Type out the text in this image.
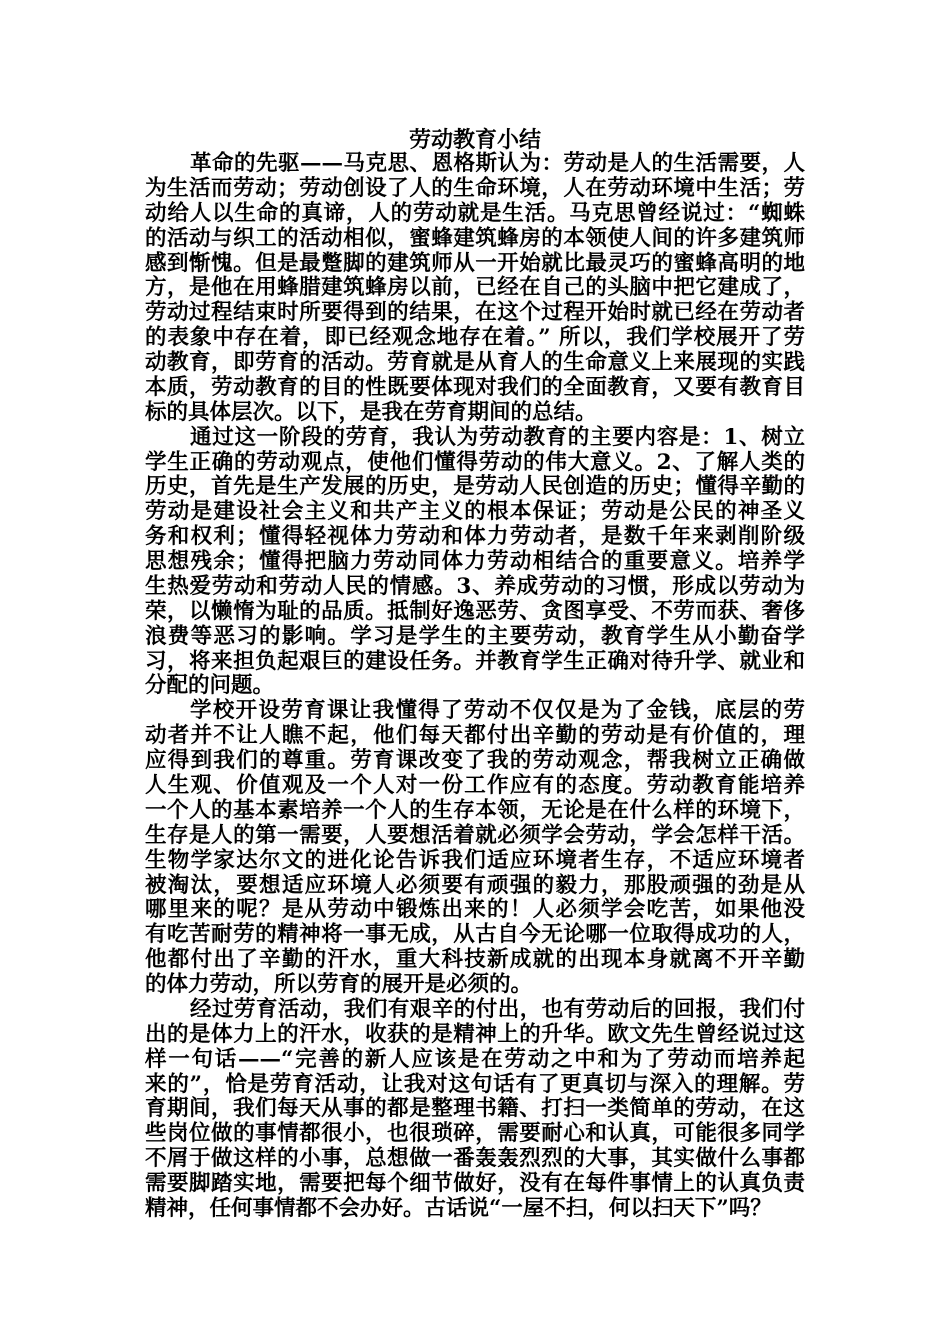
劳动教育小结
革命的先驱——马克思、恩格斯认为：劳动是人的生活需要，人
为生活而劳动；劳动创设了人的生命环境，人在劳动环境中生活；劳
动给人以生命的真谛，人的劳动就是生活。马克思曾经说过：“蜘蛛
的活动与织工的活动相似，蜜蜂建筑蜂房的本领使人间的许多建筑师
感到惭愧。但是最蹩脚的建筑师从一开始就比最灵巧的蜜蜂高明的地
方，是他在用蜂腊建筑蜂房以前，已经在自己的头脑中把它建成了，
劳动过程结束时所要得到的结果，在这个过程开始时就已经在劳动者
的表象中存在着，即已经观念地存在着。” 所以，我们学校展开了劳
动教育，即劳育的活动。劳育就是从育人的生命意义上来展现的实践
本质，劳动教育的目的性既要体现对我们的全面教育，又要有教育目
标的具体层次。以下，是我在劳育期间的总结。
通过这一阶段的劳育，我认为劳动教育的主要内容是：1、树立
学生正确的劳动观点，使他们懂得劳动的伟大意义。2、了解人类的
历史，首先是生产发展的历史，是劳动人民创造的历史；懂得辛勤的
劳动是建设社会主义和共产主义的根本保证；劳动是公民的神圣义
务和权利；懂得轻视体力劳动和体力劳动者，是数千年来剥削阶级
思想残余；懂得把脑力劳动同体力劳动相结合的重要意义。培养学
生热爱劳动和劳动人民的情感。3、养成劳动的习惯，形成以劳动为
荣，以懒惰为耻的品质。抵制好逸恶劳、贪图享受、不劳而获、奢侈
浪费等恶习的影响。学习是学生的主要劳动，教育学生从小勤奋学
习，将来担负起艰巨的建设任务。并教育学生正确对待升学、就业和
分配的问题。
学校开设劳育课让我懂得了劳动不仅仅是为了金钱，底层的劳
动者并不让人瞧不起，他们每天都付出辛勤的劳动是有价值的，理
应得到我们的尊重。劳育课改变了我的劳动观念，帮我树立正确做
人生观、价值观及一个人对一份工作应有的态度。劳动教育能培养
一个人的基本素培养一个人的生存本领，无论是在什么样的环境下，
生存是人的第一需要，人要想活着就必须学会劳动，学会怎样干活。
生物学家达尔文的进化论告诉我们适应环境者生存，不适应环境者
被淘汰，要想适应环境人必须要有顽强的毅力，那股顽强的劲是从
哪里来的呢？是从劳动中锻炼出来的！人必须学会吃苦，如果他没
有吃苦耐劳的精神将一事无成，从古自今无论哪一位取得成功的人，
他都付出了辛勤的汗水，重大科技新成就的出现本身就离不开辛勤
的体力劳动，所以劳育的展开是必须的。
经过劳育活动，我们有艰辛的付出，也有劳动后的回报，我们付
出的是体力上的汗水，收获的是精神上的升华。欧文先生曾经说过这
样一句话——“完善的新人应该是在劳动之中和为了劳动而培养起
来的”，恰是劳育活动，让我对这句话有了更真切与深入的理解。劳
育期间，我们每天从事的都是整理书籍、打扫一类简单的劳动，在这
些岗位做的事情都很小，也很琐碎，需要耐心和认真，可能很多同学
不屑于做这样的小事，总想做一番轰轰烈烈的大事，其实做什么事都
需要脚踏实地，需要把每个细节做好，没有在每件事情上的认真负责
精神，任何事情都不会办好。古话说“一屋不扫，何以扫天下”吗？
